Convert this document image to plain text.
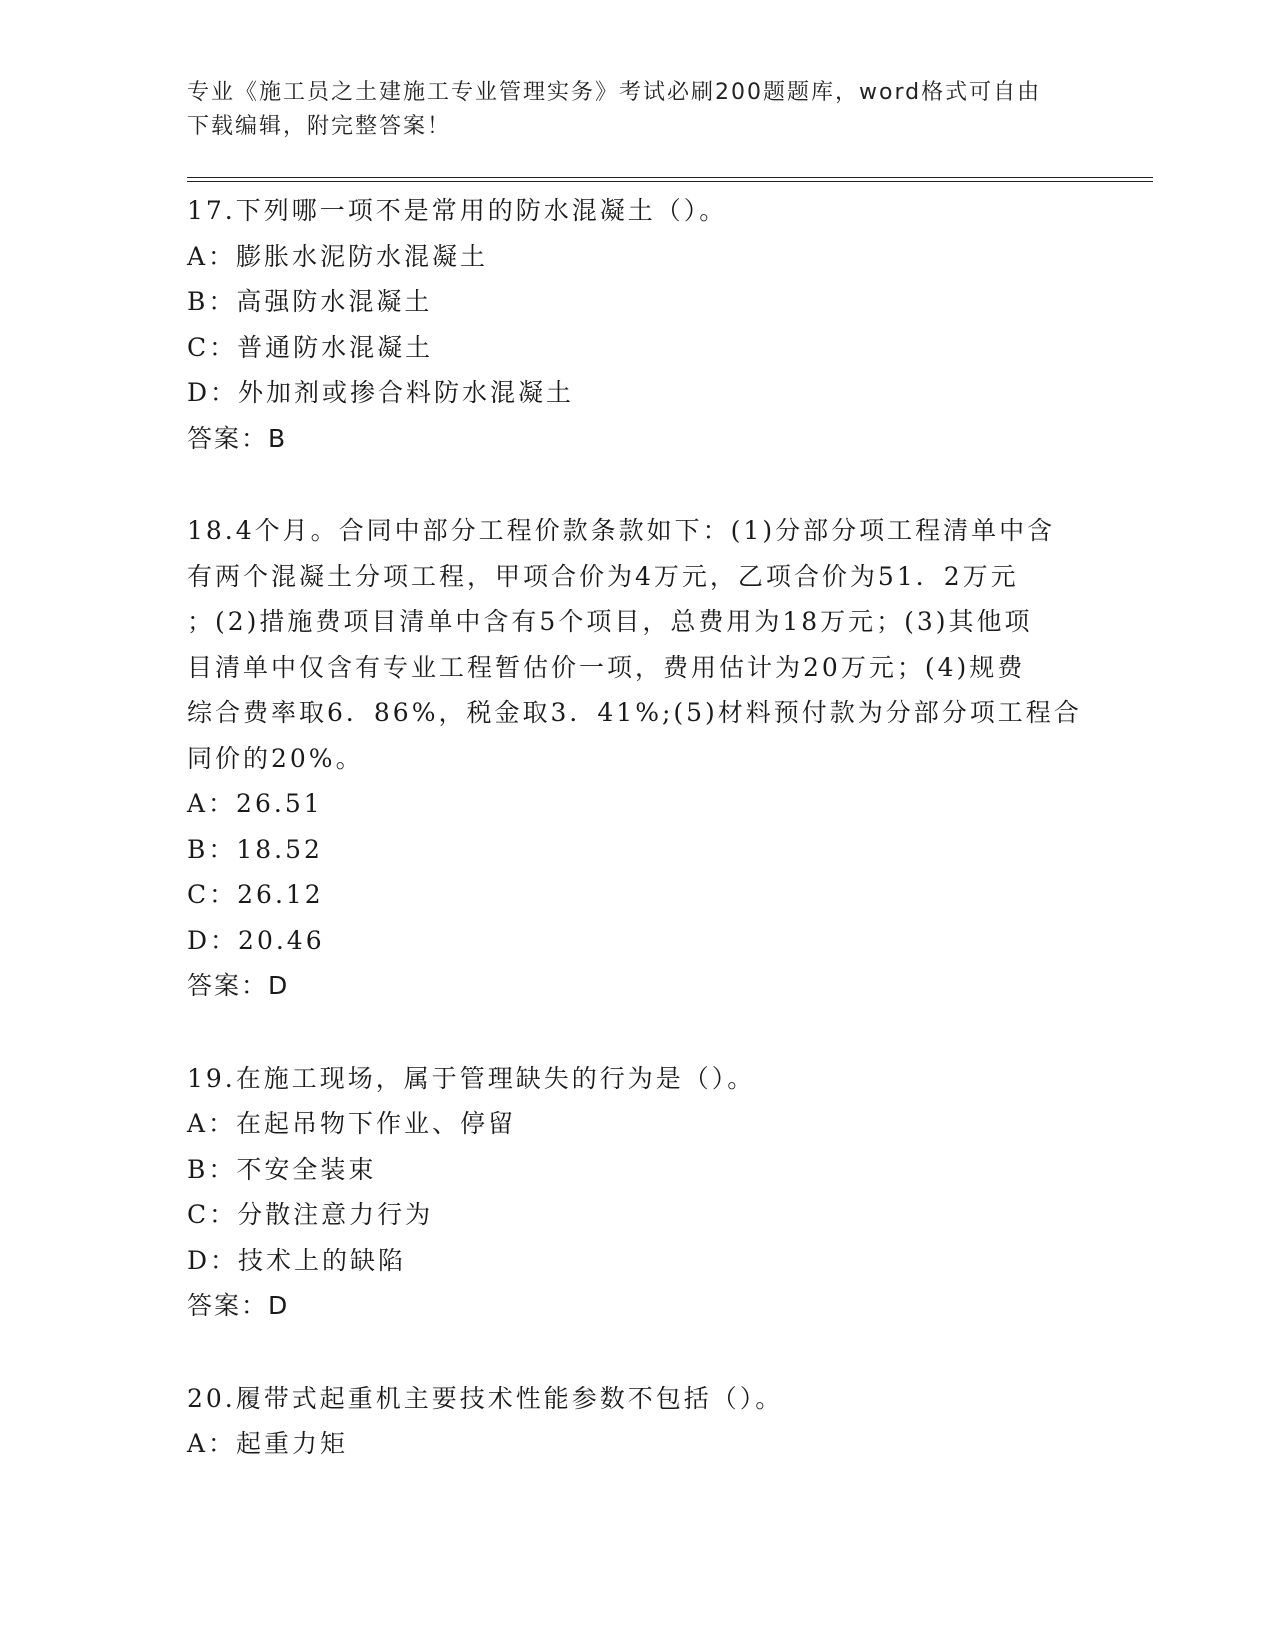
专业《施工员之土建施工专业管理实务》考试必刷200题题库，word格式可自由
下载编辑，附完整答案！
17.下列哪一项不是常用的防水混凝土（）。
A：膨胀水泥防水混凝土
B：高强防水混凝土
C：普通防水混凝土
D：外加剂或掺合料防水混凝土
答案：B
18.4个月。合同中部分工程价款条款如下：(1)分部分项工程清单中含
有两个混凝土分项工程，甲项合价为4万元，乙项合价为51．2万元
；(2)措施费项目清单中含有5个项目，总费用为18万元；(3)其他项
目清单中仅含有专业工程暂估价一项，费用估计为20万元；(4)规费
综合费率取6．86%，税金取3．41%;(5)材料预付款为分部分项工程合
同价的20%。
A：26.51
B：18.52
C：26.12
D：20.46
答案：D
19.在施工现场，属于管理缺失的行为是（）。
A：在起吊物下作业、停留
B：不安全装束
C：分散注意力行为
D：技术上的缺陷
答案：D
20.履带式起重机主要技术性能参数不包括（）。
A：起重力矩
